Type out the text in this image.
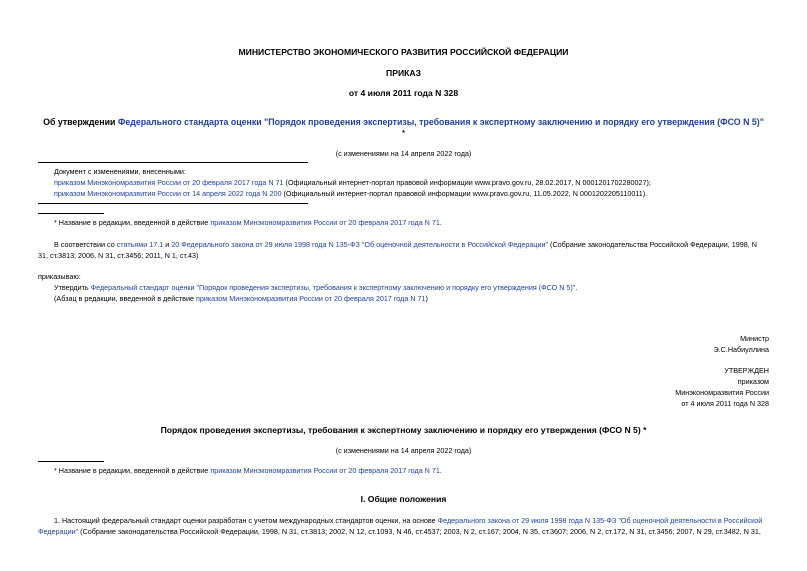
МИНИСТЕРСТВО ЭКОНОМИЧЕСКОГО РАЗВИТИЯ РОССИЙСКОЙ ФЕДЕРАЦИИ
ПРИКАЗ
от 4 июля 2011 года N 328
Об утверждении Федерального стандарта оценки "Порядок проведения экспертизы, требования к экспертному заключению и порядку его утверждения (ФСО N 5)"
*
(с изменениями на 14 апреля 2022 года)
Документ с изменениями, внесенными:
приказом Минэкономразвития России от 20 февраля 2017 года N 71 (Официальный интернет-портал правовой информации www.pravo.gov.ru, 28.02.2017, N 0001201702280027);
приказом Минэкономразвития России от 14 апреля 2022 года N 200 (Официальный интернет-портал правовой информации www.pravo.gov.ru, 11.05.2022, N 0001202205110011).
* Название в редакции, введенной в действие приказом Минэкономразвития России от 20 февраля 2017 года N 71.
В соответствии со статьями 17.1 и 20 Федерального закона от 29 июля 1998 года N 135-ФЗ "Об оценочной деятельности в Российской Федерации" (Собрание законодательства Российской Федерации, 1998, N
31, ст.3813; 2006, N 31, ст.3456; 2011, N 1, ст.43)
приказываю:
Утвердить Федеральный стандарт оценки "Порядок проведения экспертизы, требования к экспертному заключению и порядку его утверждения (ФСО N 5)".
(Абзац в редакции, введенной в действие приказом Минэкономразвития России от 20 февраля 2017 года N 71)
Министр
Э.С.Набиуллина
УТВЕРЖДЕН
приказом
Минэкономразвития России
от 4 июля 2011 года N 328
Порядок проведения экспертизы, требования к экспертному заключению и порядку его утверждения (ФСО N 5) *
(с изменениями на 14 апреля 2022 года)
* Название в редакции, введенной в действие приказом Минэкономразвития России от 20 февраля 2017 года N 71.
I. Общие положения
1. Настоящий федеральный стандарт оценки разработан с учетом международных стандартов оценки, на основе Федерального закона от 29 июля 1998 года N 135-ФЗ "Об оценочной деятельности в Российской
Федерации" (Собрание законодательства Российской Федерации, 1998, N 31, ст.3813; 2002, N 12, ст.1093, N 46, ст.4537; 2003, N 2, ст.167; 2004, N 35, ст.3607; 2006, N 2, ст.172, N 31, ст.3456; 2007, N 29, ст.3482, N 31,
